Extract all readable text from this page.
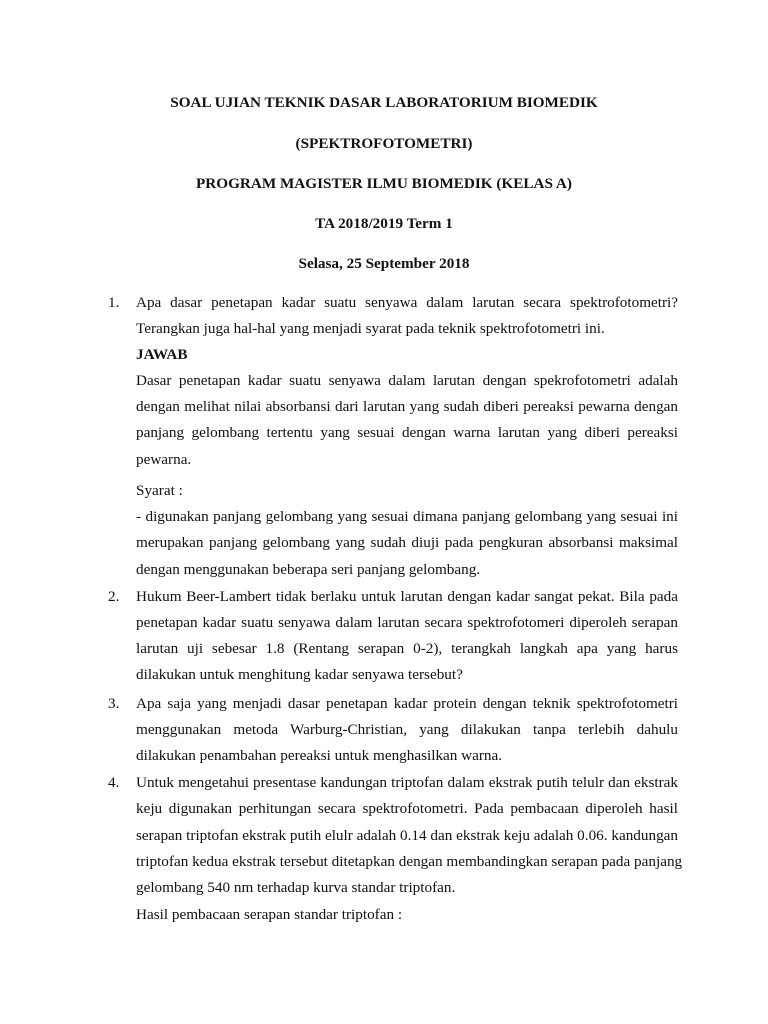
SOAL UJIAN TEKNIK DASAR LABORATORIUM BIOMEDIK
(SPEKTROFOTOMETRI)
PROGRAM MAGISTER ILMU BIOMEDIK (KELAS A)
TA 2018/2019 Term 1
Selasa, 25 September 2018
1.	Apa dasar penetapan kadar suatu senyawa dalam larutan secara spektrofotometri?
Terangkan juga hal-hal yang menjadi syarat pada teknik spektrofotometri ini.
JAWAB
Dasar penetapan kadar suatu senyawa dalam larutan dengan spekrofotometri adalah
dengan melihat nilai absorbansi dari larutan yang sudah diberi pereaksi pewarna dengan
panjang gelombang tertentu yang sesuai dengan warna larutan yang diberi pereaksi
pewarna.
Syarat :
- digunakan panjang gelombang yang sesuai dimana panjang gelombang yang sesuai ini
merupakan panjang gelombang yang sudah diuji pada pengkuran absorbansi maksimal
dengan menggunakan beberapa seri panjang gelombang.
2.	Hukum Beer-Lambert tidak berlaku untuk larutan dengan kadar sangat pekat. Bila pada
penetapan kadar suatu senyawa dalam larutan secara spektrofotomeri diperoleh serapan
larutan uji sebesar 1.8 (Rentang serapan 0-2), terangkah langkah apa yang harus
dilakukan untuk menghitung kadar senyawa tersebut?
3.	Apa saja yang menjadi dasar penetapan kadar protein dengan teknik spektrofotometri
menggunakan metoda Warburg-Christian, yang dilakukan tanpa terlebih dahulu
dilakukan penambahan pereaksi untuk menghasilkan warna.
4.	Untuk mengetahui presentase kandungan triptofan dalam ekstrak putih telulr dan ekstrak
keju digunakan perhitungan secara spektrofotometri. Pada pembacaan diperoleh hasil
serapan triptofan ekstrak putih elulr adalah 0.14 dan ekstrak keju adalah 0.06. kandungan
triptofan kedua ekstrak tersebut ditetapkan dengan membandingkan serapan pada panjang
gelombang 540 nm terhadap kurva standar triptofan.
Hasil pembacaan serapan standar triptofan :
